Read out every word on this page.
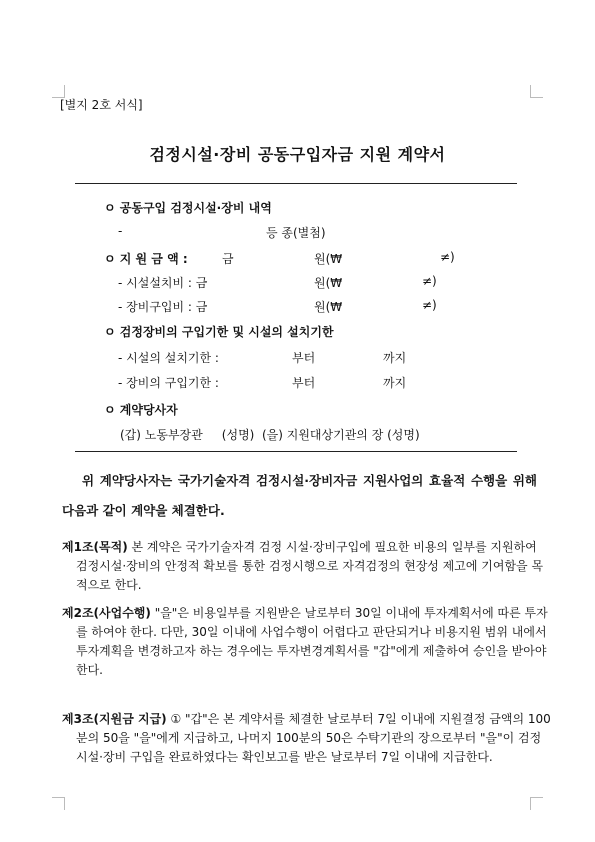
[별지 2호 서식]
검정시설·장비 공동구입자금 지원 계약서
ㅇ 공동구입 검정시설·장비 내역
-	등 종(별첨)
ㅇ 지 원 금 액 :	금	원(₩	≠)
- 시설설치비 : 금	원(₩	≠)
- 장비구입비 : 금	원(₩	≠)
ㅇ 검정장비의 구입기한 및 시설의 설치기한
- 시설의 설치기한 :	부터	까지
- 장비의 구입기한 :	부터	까지
ㅇ 계약당사자
(갑) 노동부장관     (성명)  (을) 지원대상기관의 장 (성명)
위 계약당사자는 국가기술자격 검정시설·장비자금 지원사업의 효율적 수행을 위해 다음과 같이 계약을 체결한다.
제1조(목적) 본 계약은 국가기술자격 검정 시설·장비구입에 필요한 비용의 일부를 지원하여 검정시설·장비의 안정적 확보를 통한 검정시행으로 자격검정의 현장성 제고에 기여함을 목적으로 한다.
제2조(사업수행) "을"은 비용일부를 지원받은 날로부터 30일 이내에 투자계획서에 따른 투자를 하여야 한다. 다만, 30일 이내에 사업수행이 어렵다고 판단되거나 비용지원 범위 내에서 투자계획을 변경하고자 하는 경우에는 투자변경계획서를 "갑"에게 제출하여 승인을 받아야 한다.
제3조(지원금 지급) ① "갑"은 본 계약서를 체결한 날로부터 7일 이내에 지원결정 금액의 100분의 50을 "을"에게 지급하고, 나머지 100분의 50은 수탁기관의 장으로부터 "을"이 검정시설·장비 구입을 완료하였다는 확인보고를 받은 날로부터 7일 이내에 지급한다.
